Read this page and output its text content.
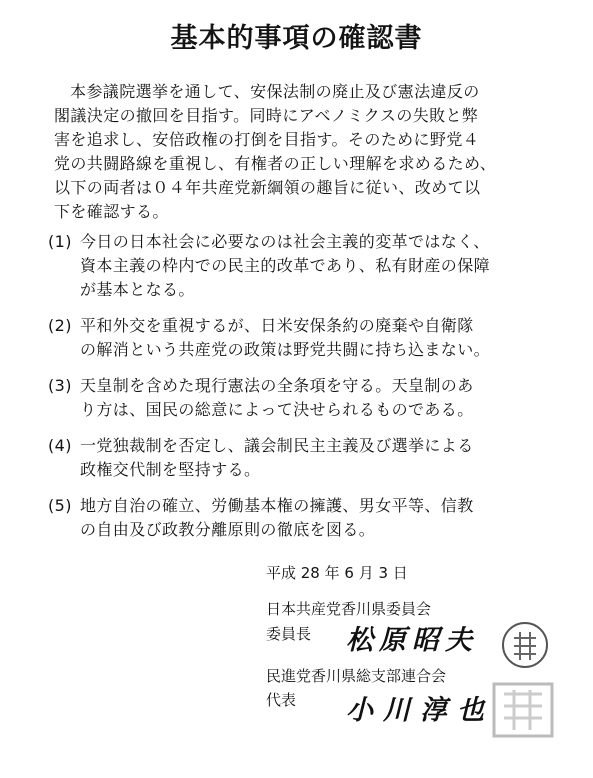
基本的事項の確認書
本参議院選挙を通して、安保法制の廃止及び憲法違反の
閣議決定の撤回を目指す。同時にアベノミクスの失敗と弊
害を追求し、安倍政権の打倒を目指す。そのために野党４
党の共闘路線を重視し、有権者の正しい理解を求めるため、
以下の両者は０４年共産党新綱領の趣旨に従い、改めて以
下を確認する。
(1) 今日の日本社会に必要なのは社会主義的変革ではなく、
資本主義の枠内での民主的改革であり、私有財産の保障
が基本となる。
(2) 平和外交を重視するが、日米安保条約の廃棄や自衛隊
の解消という共産党の政策は野党共闘に持ち込まない。
(3) 天皇制を含めた現行憲法の全条項を守る。天皇制のあ
り方は、国民の総意によって決せられるものである。
(4) 一党独裁制を否定し、議会制民主主義及び選挙による
政権交代制を堅持する。
(5) 地方自治の確立、労働基本権の擁護、男女平等、信教
の自由及び政教分離原則の徹底を図る。
平成 28 年 6 月 3 日
日本共産党香川県委員会
委員長 松原昭夫
民進党香川県総支部連合会
代表 小川淳也
